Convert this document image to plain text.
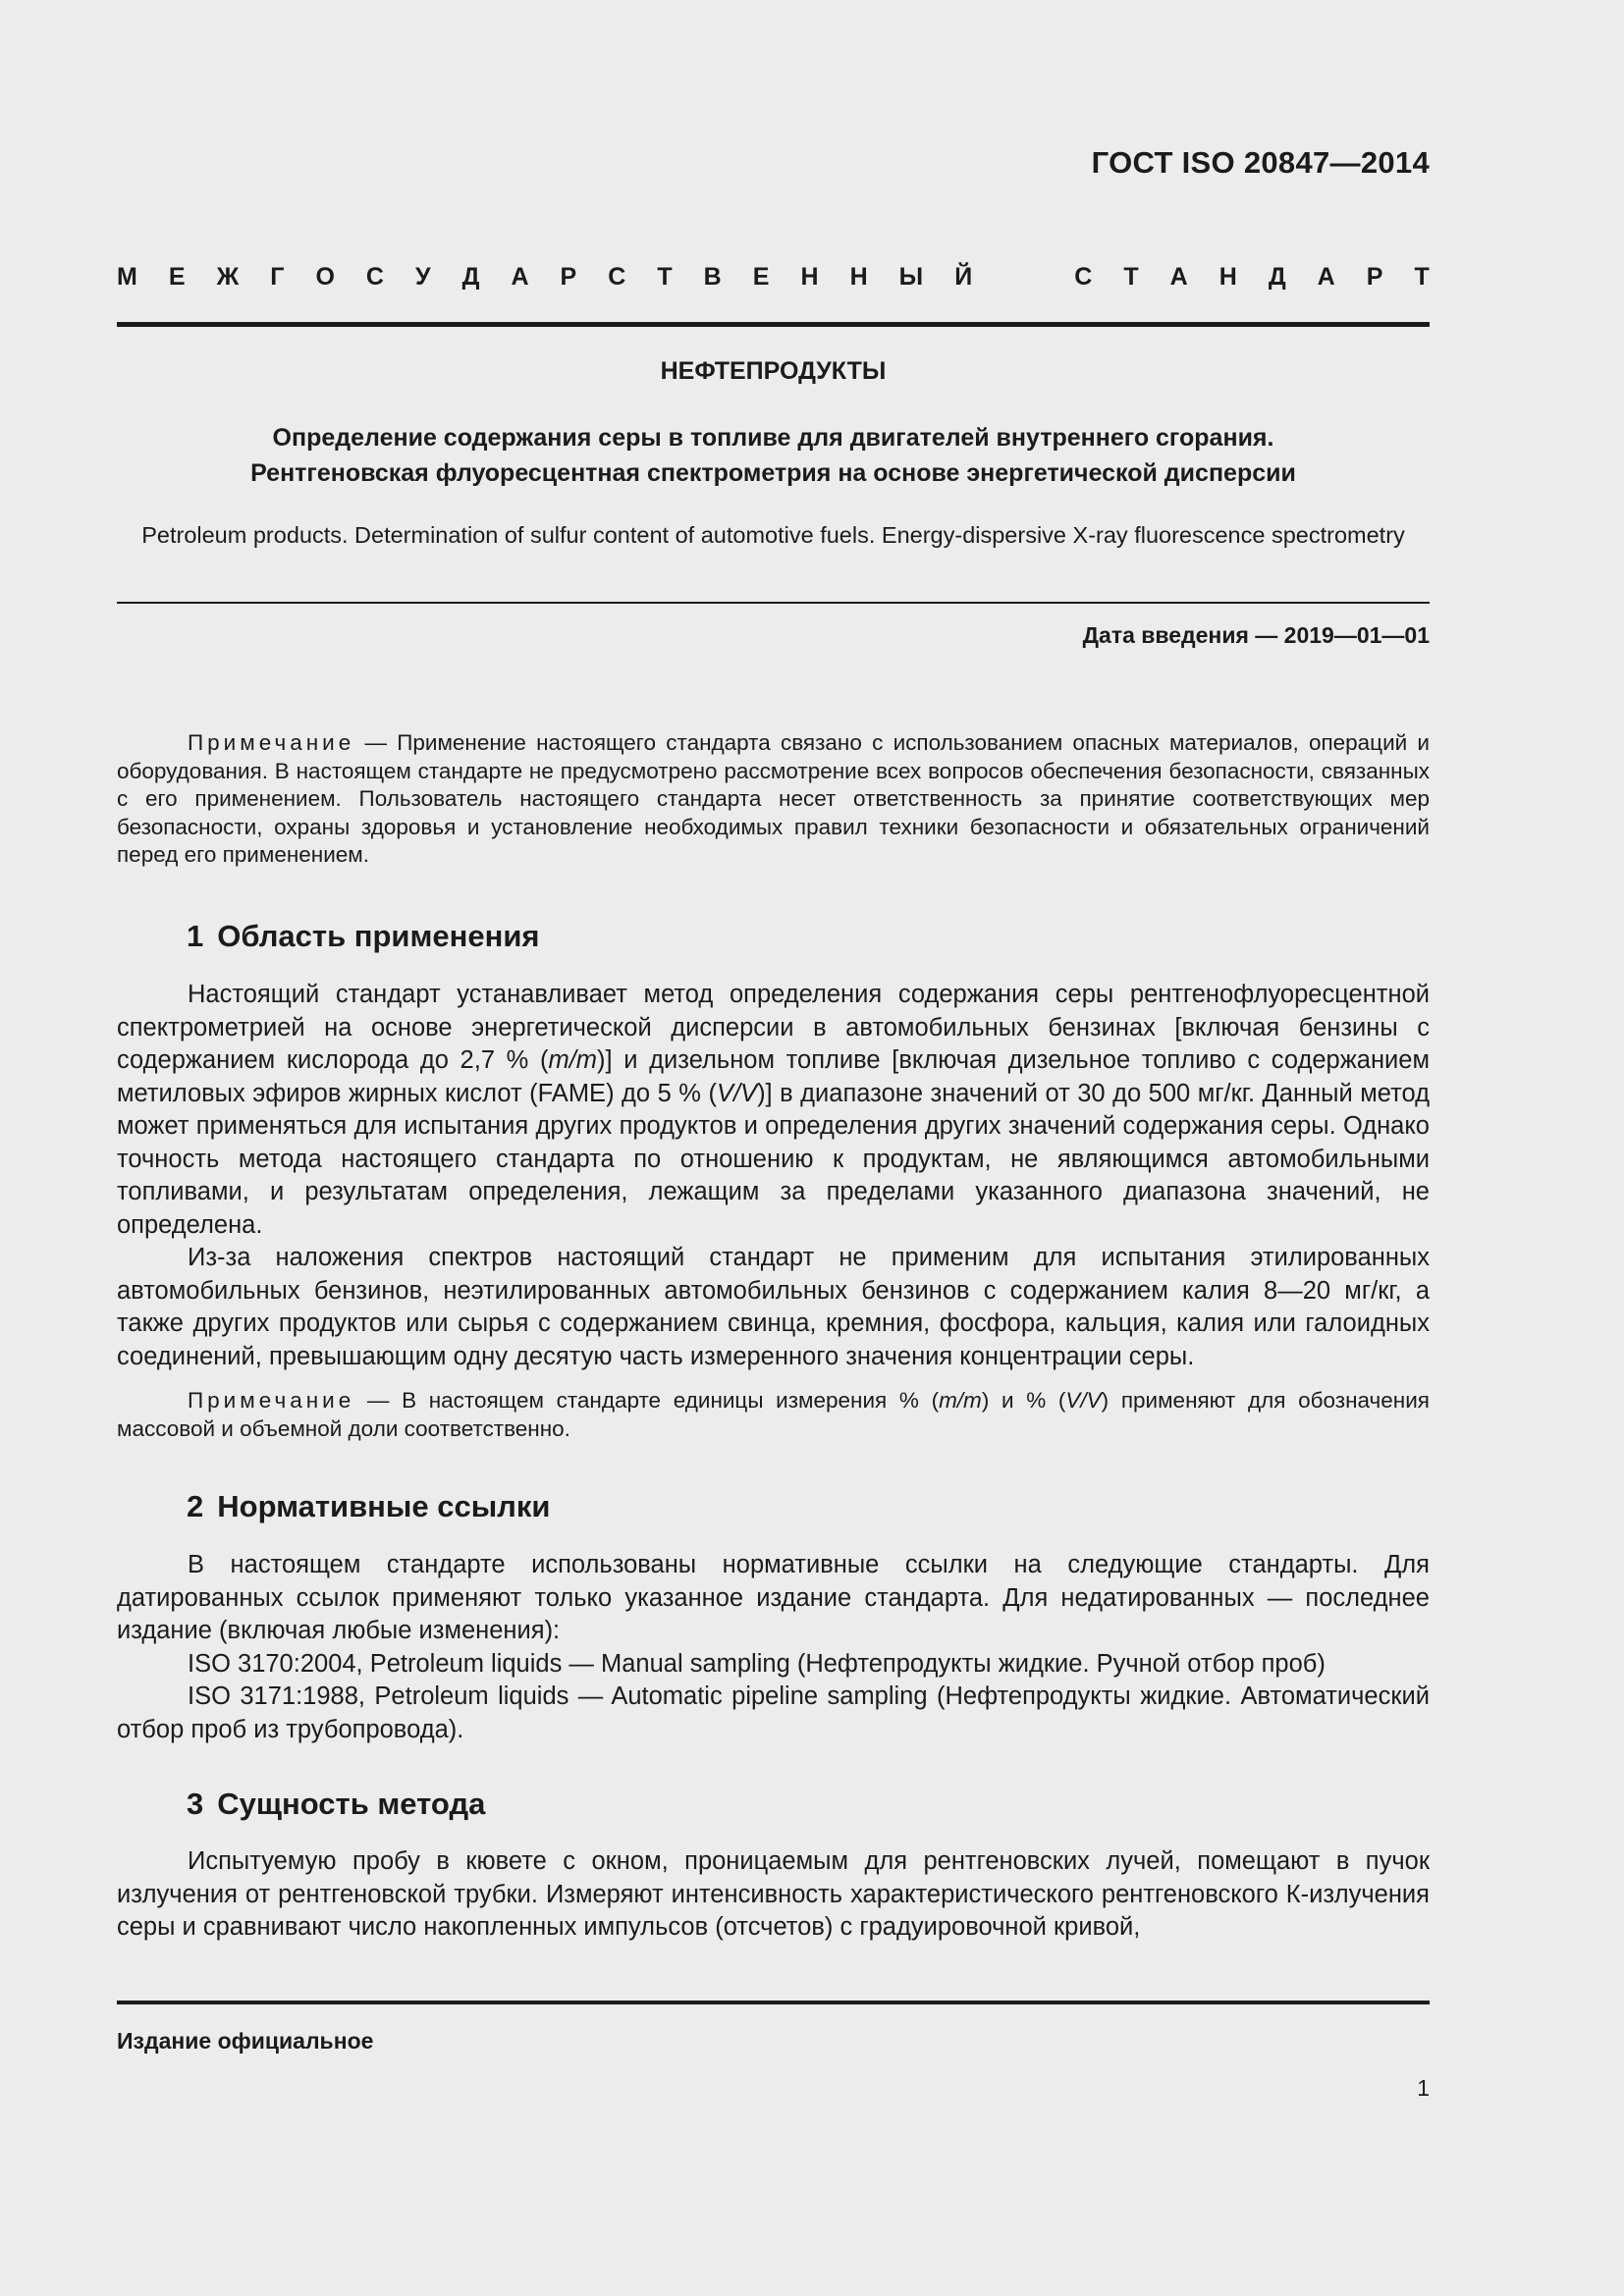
ГОСТ ISO 20847—2014
М Е Ж Г О С У Д А Р С Т В Е Н Н Ы Й	С Т А Н Д А Р Т
НЕФТЕПРОДУКТЫ
Определение содержания серы в топливе для двигателей внутреннего сгорания.
Рентгеновская флуоресцентная спектрометрия на основе энергетической дисперсии
Petroleum products. Determination of sulfur content of automotive fuels. Energy-dispersive X-ray fluorescence spectrometry
Дата введения — 2019—01—01

Примечание — Применение настоящего стандарта связано с использованием опасных материалов, операций и оборудования. В настоящем стандарте не предусмотрено рассмотрение всех вопросов обеспечения безопасности, связанных с его применением. Пользователь настоящего стандарта несет ответственность за принятие соответствующих мер безопасности, охраны здоровья и установление необходимых правил техники безопасности и обязательных ограничений перед его применением.

1 Область применения

Настоящий стандарт устанавливает метод определения содержания серы рентгенофлуоресцентной спектрометрией на основе энергетической дисперсии в автомобильных бензинах [включая бензины с содержанием кислорода до 2,7 % (m/m)] и дизельном топливе [включая дизельное топливо с содержанием метиловых эфиров жирных кислот (FAME) до 5 % (V/V)] в диапазоне значений от 30 до 500 мг/кг. Данный метод может применяться для испытания других продуктов и определения других значений содержания серы. Однако точность метода настоящего стандарта по отношению к продуктам, не являющимся автомобильными топливами, и результатам определения, лежащим за пределами указанного диапазона значений, не определена.

Из-за наложения спектров настоящий стандарт не применим для испытания этилированных автомобильных бензинов, неэтилированных автомобильных бензинов с содержанием калия 8—20 мг/кг, а также других продуктов или сырья с содержанием свинца, кремния, фосфора, кальция, калия или галоидных соединений, превышающим одну десятую часть измеренного значения концентрации серы.

Примечание — В настоящем стандарте единицы измерения % (m/m) и % (V/V) применяют для обозначения массовой и объемной доли соответственно.

2 Нормативные ссылки

В настоящем стандарте использованы нормативные ссылки на следующие стандарты. Для датированных ссылок применяют только указанное издание стандарта. Для недатированных — последнее издание (включая любые изменения):

ISO 3170:2004, Petroleum liquids — Manual sampling (Нефтепродукты жидкие. Ручной отбор проб)

ISO 3171:1988, Petroleum liquids — Automatic pipeline sampling (Нефтепродукты жидкие. Автоматический отбор проб из трубопровода).

3 Сущность метода

Испытуемую пробу в кювете с окном, проницаемым для рентгеновских лучей, помещают в пучок излучения от рентгеновской трубки. Измеряют интенсивность характеристического рентгеновского К-излучения серы и сравнивают число накопленных импульсов (отсчетов) с градуировочной кривой,

Издание официальное
1
